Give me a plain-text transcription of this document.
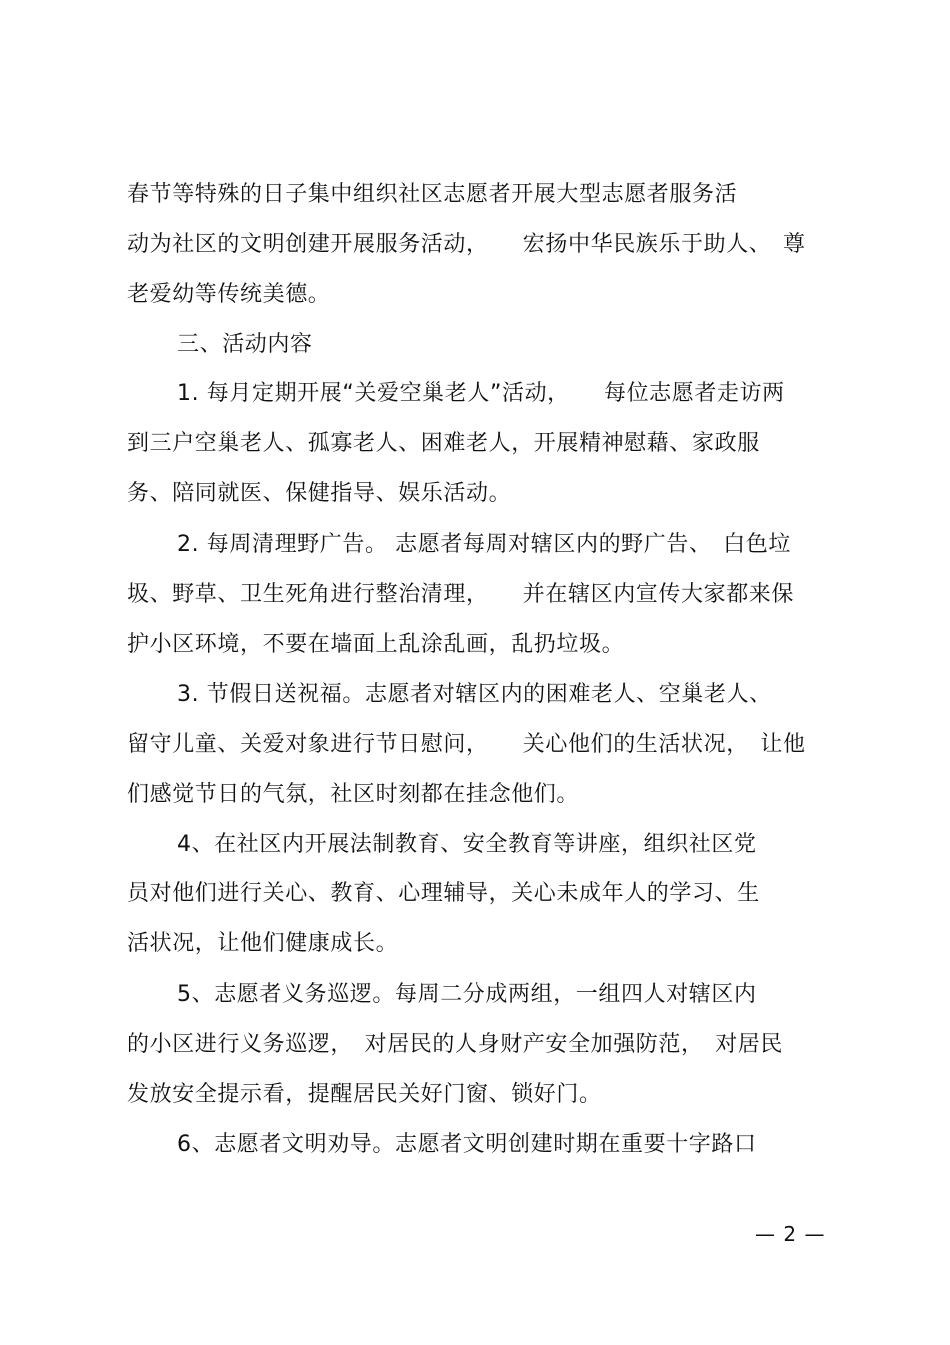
春节等特殊的日子集中组织社区志愿者开展大型志愿者服务活
动为社区的文明创建开展服务活动，　　宏扬中华民族乐于助人、　尊
老爱幼等传统美德。
三、活动内容
1. 每月定期开展“关爱空巢老人”活动，　　每位志愿者走访两
到三户空巢老人、孤寡老人、困难老人，开展精神慰藉、家政服
务、陪同就医、保健指导、娱乐活动。
2. 每周清理野广告。 志愿者每周对辖区内的野广告、　白色垃
圾、野草、卫生死角进行整治清理，　　并在辖区内宣传大家都来保
护小区环境，不要在墙面上乱涂乱画，乱扔垃圾。
3. 节假日送祝福。志愿者对辖区内的困难老人、空巢老人、
留守儿童、关爱对象进行节日慰问，　　关心他们的生活状况，　让他
们感觉节日的气氛，社区时刻都在挂念他们。
4、在社区内开展法制教育、安全教育等讲座，组织社区党
员对他们进行关心、教育、心理辅导，关心未成年人的学习、生
活状况，让他们健康成长。
5、志愿者义务巡逻。每周二分成两组，一组四人对辖区内
的小区进行义务巡逻，　对居民的人身财产安全加强防范，　对居民
发放安全提示看，提醒居民关好门窗、锁好门。
6、志愿者文明劝导。志愿者文明创建时期在重要十字路口
— 2 —
